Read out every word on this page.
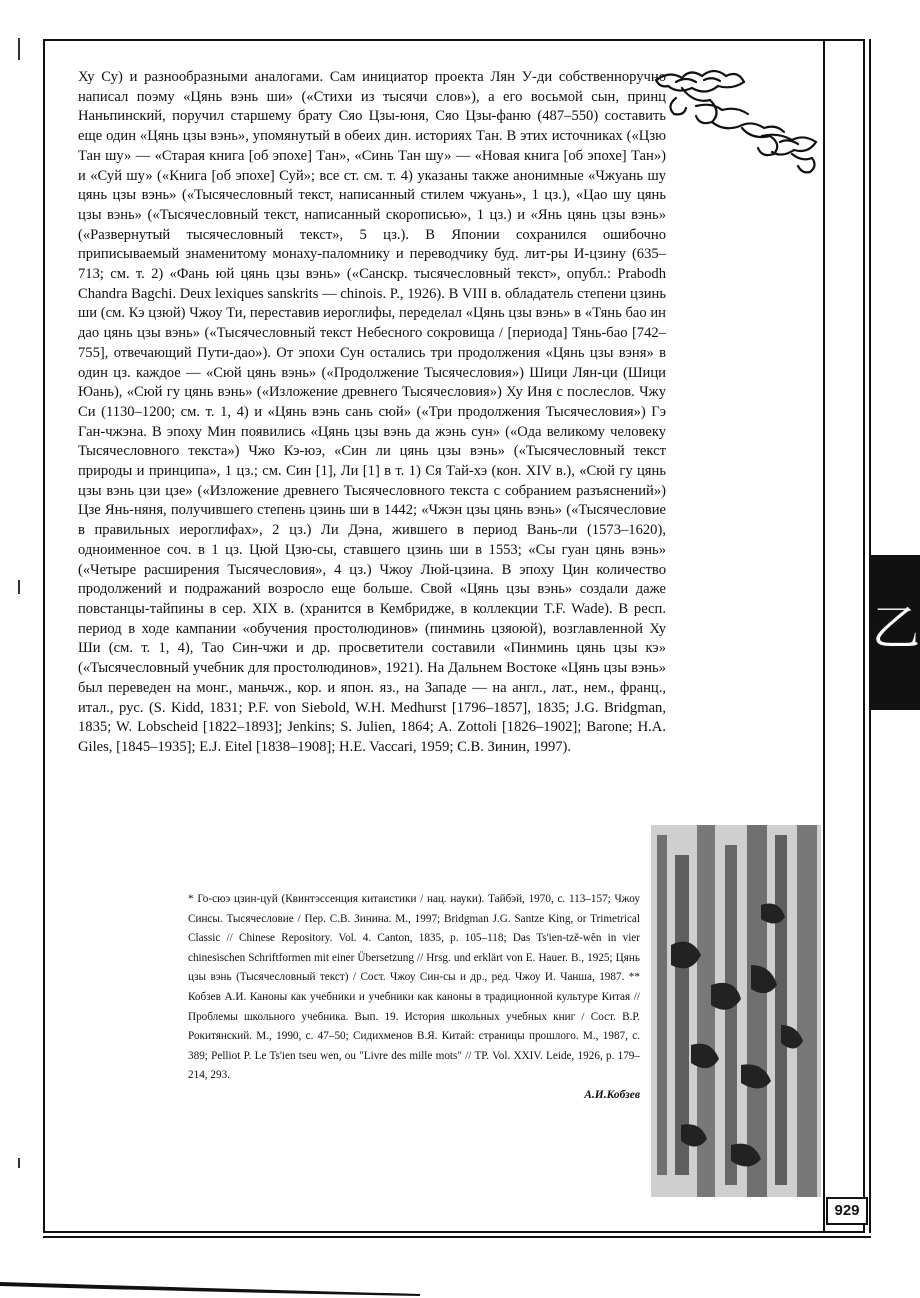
Ху Су) и разнообразными аналогами. Сам инициатор проекта Лян У-ди собственноручно написал поэму «Цянь вэнь ши» («Стихи из тысячи слов»), а его восьмой сын, принц Наньпинский, поручил старшему брату Сяо Цзы-юня, Сяо Цзы-фаню (487–550) составить еще один «Цянь цзы вэнь», упомянутый в обеих дин. историях Тан. В этих источниках («Цзю Тан шу» — «Старая книга [об эпохе] Тан», «Синь Тан шу» — «Новая книга [об эпохе] Тан») и «Суй шу» («Книга [об эпохе] Суй»; все ст. см. т. 4) указаны также анонимные «Чжуань шу цянь цзы вэнь» («Тысячесловный текст, написанный стилем чжуань», 1 цз.), «Цао шу цянь цзы вэнь» («Тысячесловный текст, написанный скорописью», 1 цз.) и «Янь цянь цзы вэнь» («Развернутый тысячесловный текст», 5 цз.). В Японии сохранился ошибочно приписываемый знаменитому монаху-паломнику и переводчику буд. лит-ры И-цзину (635–713; см. т. 2) «Фань юй цянь цзы вэнь» («Санскр. тысячесловный текст», опубл.: Prabodh Chandra Bagchi. Deux lexiques sanskrits — chinois. P., 1926). В VIII в. обладатель степени цзинь ши (см. Кэ цзюй) Чжоу Ти, переставив иероглифы, переделал «Цянь цзы вэнь» в «Тянь бао ин дао цянь цзы вэнь» («Тысячесловный текст Небесного сокровища / [периода] Тянь-бао [742–755], отвечающий Пути-дао»). От эпохи Сун остались три продолжения «Цянь цзы вэня» в один цз. каждое — «Сюй цянь вэнь» («Продолжение Тысячесловия») Шици Лян-ци (Шици Юань), «Сюй гу цянь вэнь» («Изложение древнего Тысячесловия») Ху Иня с послеслов. Чжу Си (1130–1200; см. т. 1, 4) и «Цянь вэнь сань сюй» («Три продолжения Тысячесловия») Гэ Ган-чжэна. В эпоху Мин появились «Цянь цзы вэнь да жэнь сун» («Ода великому человеку Тысячесловного текста») Чжо Кэ-юэ, «Син ли цянь цзы вэнь» («Тысячесловный текст природы и принципа», 1 цз.; см. Син [1], Ли [1] в т. 1) Ся Тай-хэ (кон. XIV в.), «Сюй гу цянь цзы вэнь цзи цзе» («Изложение древнего Тысячесловного текста с собранием разъяснений») Цзе Янь-няня, получившего степень цзинь ши в 1442; «Чжэн цзы цянь вэнь» («Тысячесловие в правильных иероглифах», 2 цз.) Ли Дэна, жившего в период Вань-ли (1573–1620), одноименное соч. в 1 цз. Цюй Цзю-сы, ставшего цзинь ши в 1553; «Сы гуан цянь вэнь» («Четыре расширения Тысячесловия», 4 цз.) Чжоу Люй-цзина. В эпоху Цин количество продолжений и подражаний возросло еще больше. Свой «Цянь цзы вэнь» создали даже повстанцы-тайпины в сер. XIX в. (хранится в Кембридже, в коллекции T.F. Wade). В респ. период в ходе кампании «обучения простолюдинов» (пинминь цзяоюй), возглавленной Ху Ши (см. т. 1, 4), Тао Син-чжи и др. просветители составили «Пинминь цянь цзы кэ» («Тысячесловный учебник для простолюдинов», 1921). На Дальнем Востоке «Цянь цзы вэнь» был переведен на монг., маньчж., кор. и япон. яз., на Западе — на англ., лат., нем., франц., итал., рус. (S. Kidd, 1831; P.F. von Siebold, W.H. Medhurst [1796–1857], 1835; J.G. Bridgman, 1835; W. Lobscheid [1822–1893]; Jenkins; S. Julien, 1864; A. Zottoli [1826–1902]; Barone; H.A. Giles, [1845–1935]; E.J. Eitel [1838–1908]; H.E. Vaccari, 1959; С.В. Зинин, 1997).

* Го-сюэ цзин-цуй (Квинтэссенция китаистики / нац. науки). Тайбэй, 1970, с. 113–157; Чжоу Синсы. Тысячесловие / Пер. С.В. Зинина. М., 1997; Bridgman J.G. Santze King, or Trimetrical Classic // Chinese Repository. Vol. 4. Canton, 1835, p. 105–118; Das Ts'ien-tzě-wên in vier chinesischen Schriftformen mit einer Übersetzung // Hrsg. und erklärt von E. Hauer. B., 1925; Цянь цзы вэнь (Тысячесловный текст) / Сост. Чжоу Син-сы и др., ред. Чжоу И. Чанша, 1987. ** Кобзев А.И. Каноны как учебники и учебники как каноны в традиционной культуре Китая // Проблемы школьного учебника. Вып. 19. История школьных учебных книг / Сост. В.Р. Рокитянский. М., 1990, с. 47–50; Сидихменов В.Я. Китай: страницы прошлого. М., 1987, с. 389; Pelliot P. Le Ts'ien tseu wen, ou "Livre des mille mots" // TP. Vol. XXIV. Leide, 1926, p. 179–214, 293.

А.И.Кобзев

乙
929
